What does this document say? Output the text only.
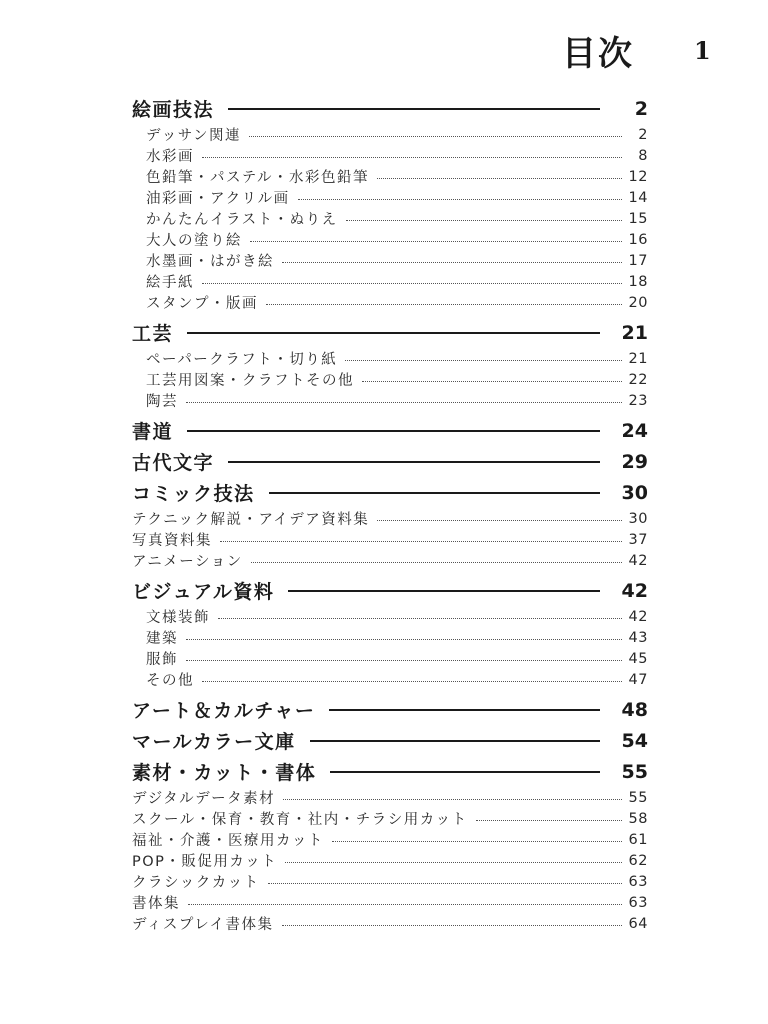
目次	1
絵画技法	2
デッサン関連	2
水彩画	8
色鉛筆・パステル・水彩色鉛筆	12
油彩画・アクリル画	14
かんたんイラスト・ぬりえ	15
大人の塗り絵	16
水墨画・はがき絵	17
絵手紙	18
スタンプ・版画	20
工芸	21
ペーパークラフト・切り紙	21
工芸用図案・クラフトその他	22
陶芸	23
書道	24
古代文字	29
コミック技法	30
テクニック解説・アイデア資料集	30
写真資料集	37
アニメーション	42
ビジュアル資料	42
文様装飾	42
建築	43
服飾	45
その他	47
アート＆カルチャー	48
マールカラー文庫	54
素材・カット・書体	55
デジタルデータ素材	55
スクール・保育・教育・社内・チラシ用カット	58
福祉・介護・医療用カット	61
POP・販促用カット	62
クラシックカット	63
書体集	63
ディスプレイ書体集	64
